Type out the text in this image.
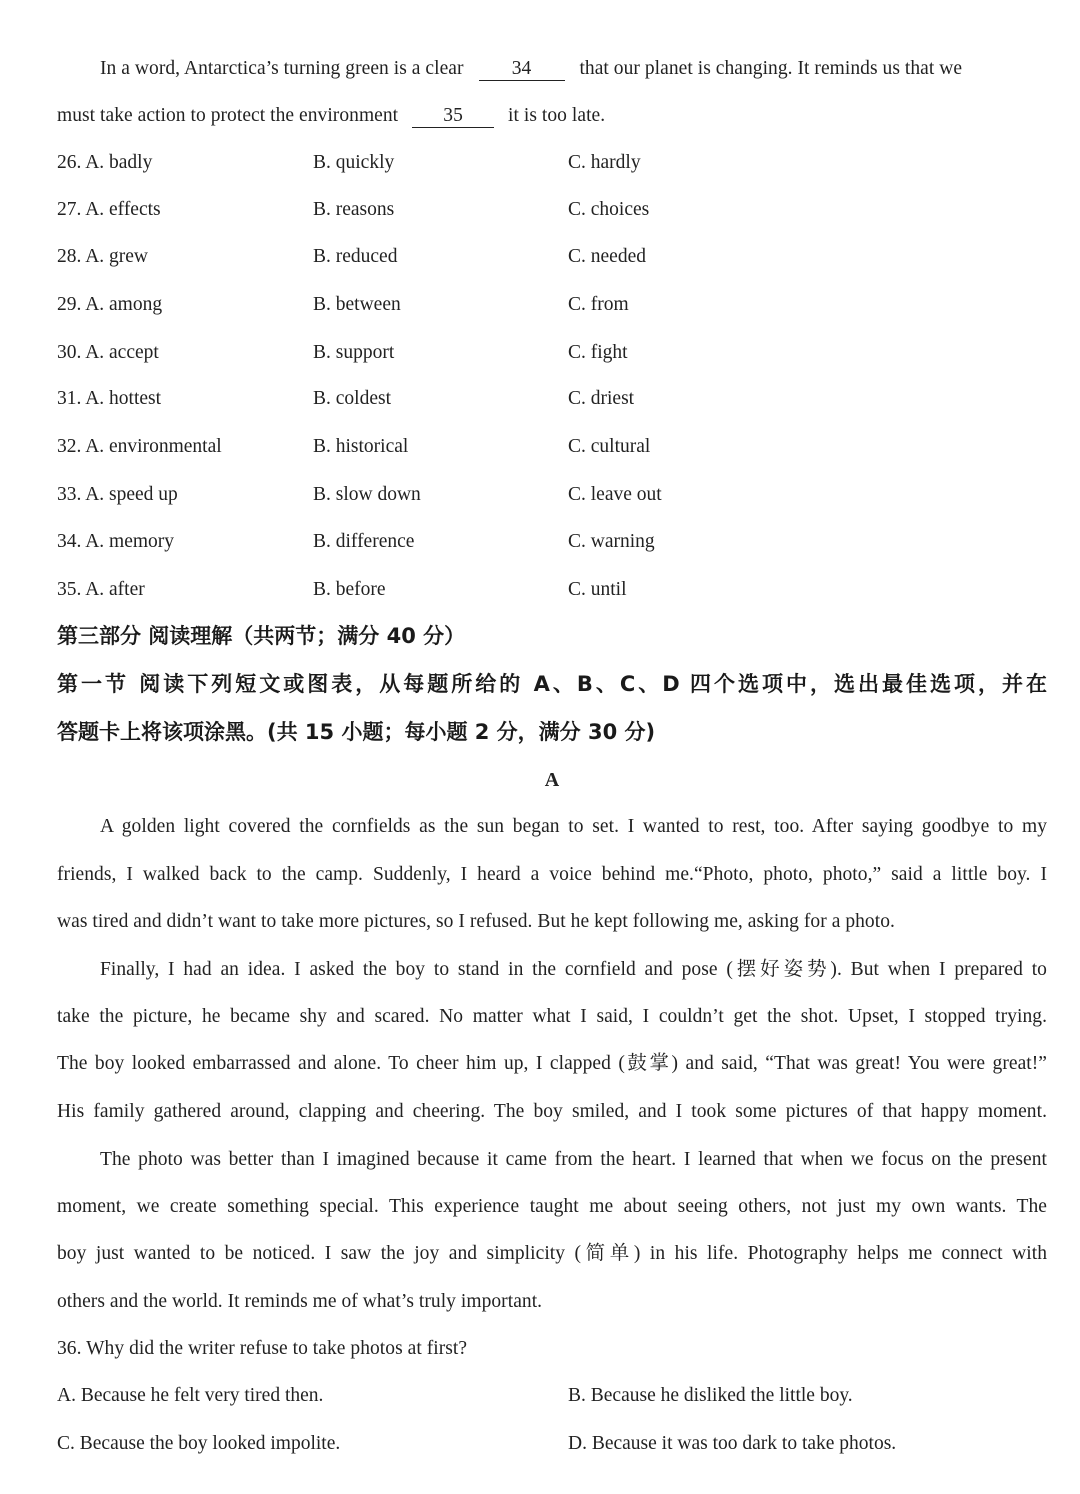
In a word, Antarctica’s turning green is a clear 34 that our planet is changing. It reminds us that we
must take action to protect the environment 35 it is too late.
26. A. badly	B. quickly	C. hardly
27. A. effects	B. reasons	C. choices
28. A. grew	B. reduced	C. needed
29. A. among	B. between	C. from
30. A. accept	B. support	C. fight
31. A. hottest	B. coldest	C. driest
32. A. environmental	B. historical	C. cultural
33. A. speed up	B. slow down	C. leave out
34. A. memory	B. difference	C. warning
35. A. after	B. before	C. until
第三部分 阅读理解（共两节；满分 40 分）
第一节 阅读下列短文或图表，从每题所给的 A、B、C、D 四个选项中，选出最佳选项，并在
答题卡上将该项涂黑。(共 15 小题；每小题 2 分，满分 30 分)
A
A golden light covered the cornfields as the sun began to set. I wanted to rest, too. After saying goodbye to my
friends, I walked back to the camp. Suddenly, I heard a voice behind me.“Photo, photo, photo,” said a little boy. I
was tired and didn’t want to take more pictures, so I refused. But he kept following me, asking for a photo.
Finally, I had an idea. I asked the boy to stand in the cornfield and pose (摆好姿势). But when I prepared to
take the picture, he became shy and scared. No matter what I said, I couldn’t get the shot. Upset, I stopped trying.
The boy looked embarrassed and alone. To cheer him up, I clapped (鼓掌) and said, “That was great! You were great!”
His family gathered around, clapping and cheering. The boy smiled, and I took some pictures of that happy moment.
The photo was better than I imagined because it came from the heart. I learned that when we focus on the present
moment, we create something special. This experience taught me about seeing others, not just my own wants. The
boy just wanted to be noticed. I saw the joy and simplicity (简单) in his life. Photography helps me connect with
others and the world. It reminds me of what’s truly important.
36. Why did the writer refuse to take photos at first?
A. Because he felt very tired then.	B. Because he disliked the little boy.
C. Because the boy looked impolite.	D. Because it was too dark to take photos.
